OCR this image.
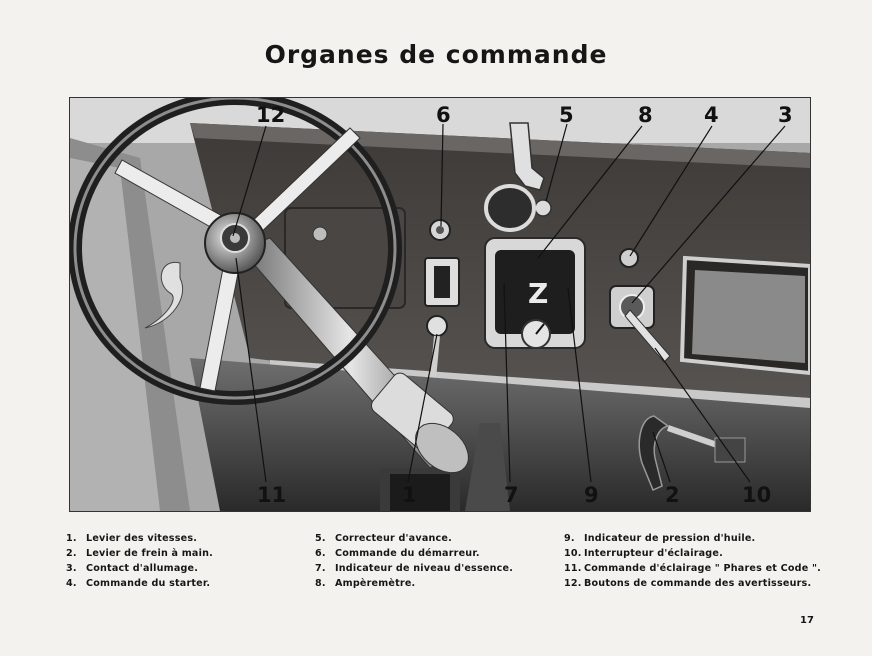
Organes de commande
Z
12	6	5	8 4	3
11	1	7	9	2	10
1. Levier des vitesses.
2. Levier de frein à main.
3. Contact d'allumage.
4. Commande du starter.
5. Correcteur d'avance.
6. Commande du démarreur.
7. Indicateur de niveau d'essence.
8. Ampèremètre.
9. Indicateur de pression d'huile.
10. Interrupteur d'éclairage.
11. Commande d'éclairage " Phares et Code ".
12. Boutons de commande des avertisseurs.
17
